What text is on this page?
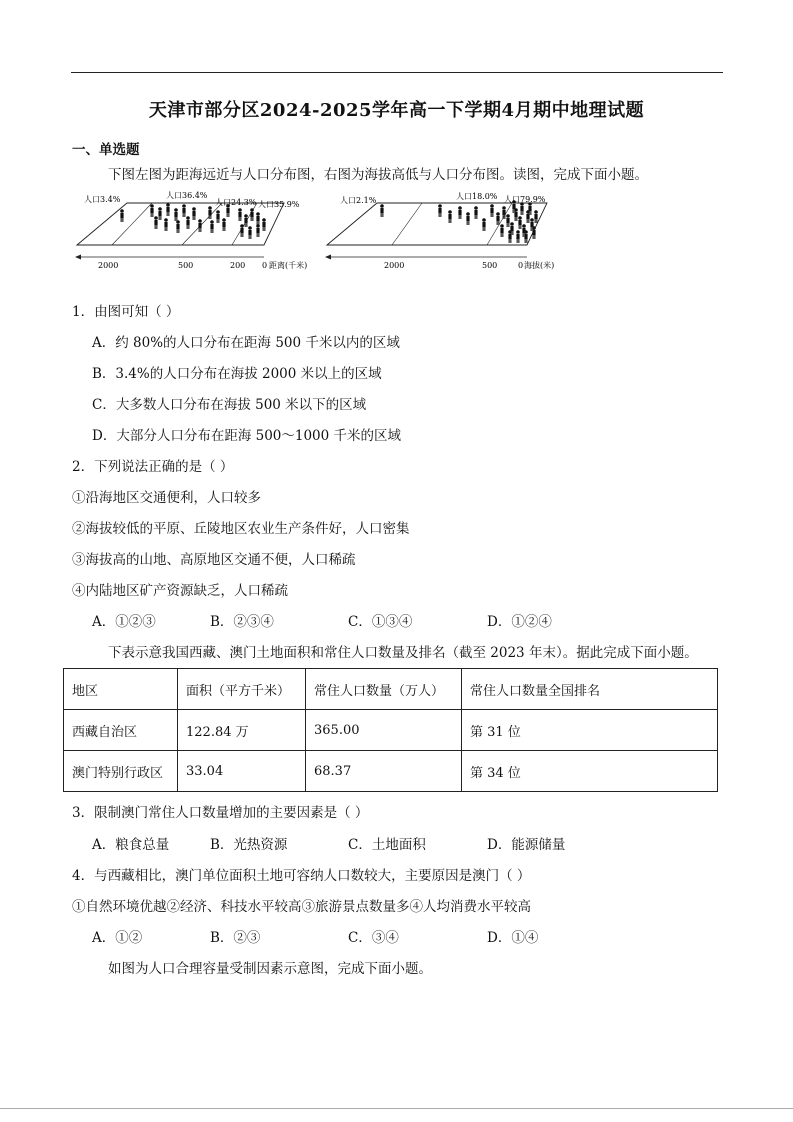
天津市部分区2024-2025学年高一下学期4月期中地理试题
一、单选题
下图左图为距海远近与人口分布图，右图为海拔高低与人口分布图。读图，完成下面小题。
人口3.4%	人口36.4%
人口24.3% 人口35.9%
2000	500	200 0 距离(千米)
人口2.1%	人口18.0% 人口79.9%
2000	500	0 海拔(米)
1．由图可知（ ）
A．约 80%的人口分布在距海 500 千米以内的区域
B．3.4%的人口分布在海拔 2000 米以上的区域
C．大多数人口分布在海拔 500 米以下的区域
D．大部分人口分布在距海 500～1000 千米的区域
2．下列说法正确的是（ ）
①沿海地区交通便利，人口较多
②海拔较低的平原、丘陵地区农业生产条件好，人口密集
③海拔高的山地、高原地区交通不便，人口稀疏
④内陆地区矿产资源缺乏，人口稀疏
A．①②③	B．②③④	C．①③④	D．①②④
下表示意我国西藏、澳门土地面积和常住人口数量及排名（截至 2023 年末）。据此完成下面小题。
地区	面积（平方千米）	常住人口数量（万人）	常住人口数量全国排名
西藏自治区	122.84 万	365.00	第 31 位
澳门特别行政区	33.04	68.37	第 34 位
3．限制澳门常住人口数量增加的主要因素是（ ）
A．粮食总量	B．光热资源	C．土地面积	D．能源储量
4．与西藏相比，澳门单位面积土地可容纳人口数较大，主要原因是澳门（ ）
①自然环境优越②经济、科技水平较高③旅游景点数量多④人均消费水平较高
A．①②	B．②③	C．③④	D．①④
如图为人口合理容量受制因素示意图，完成下面小题。
